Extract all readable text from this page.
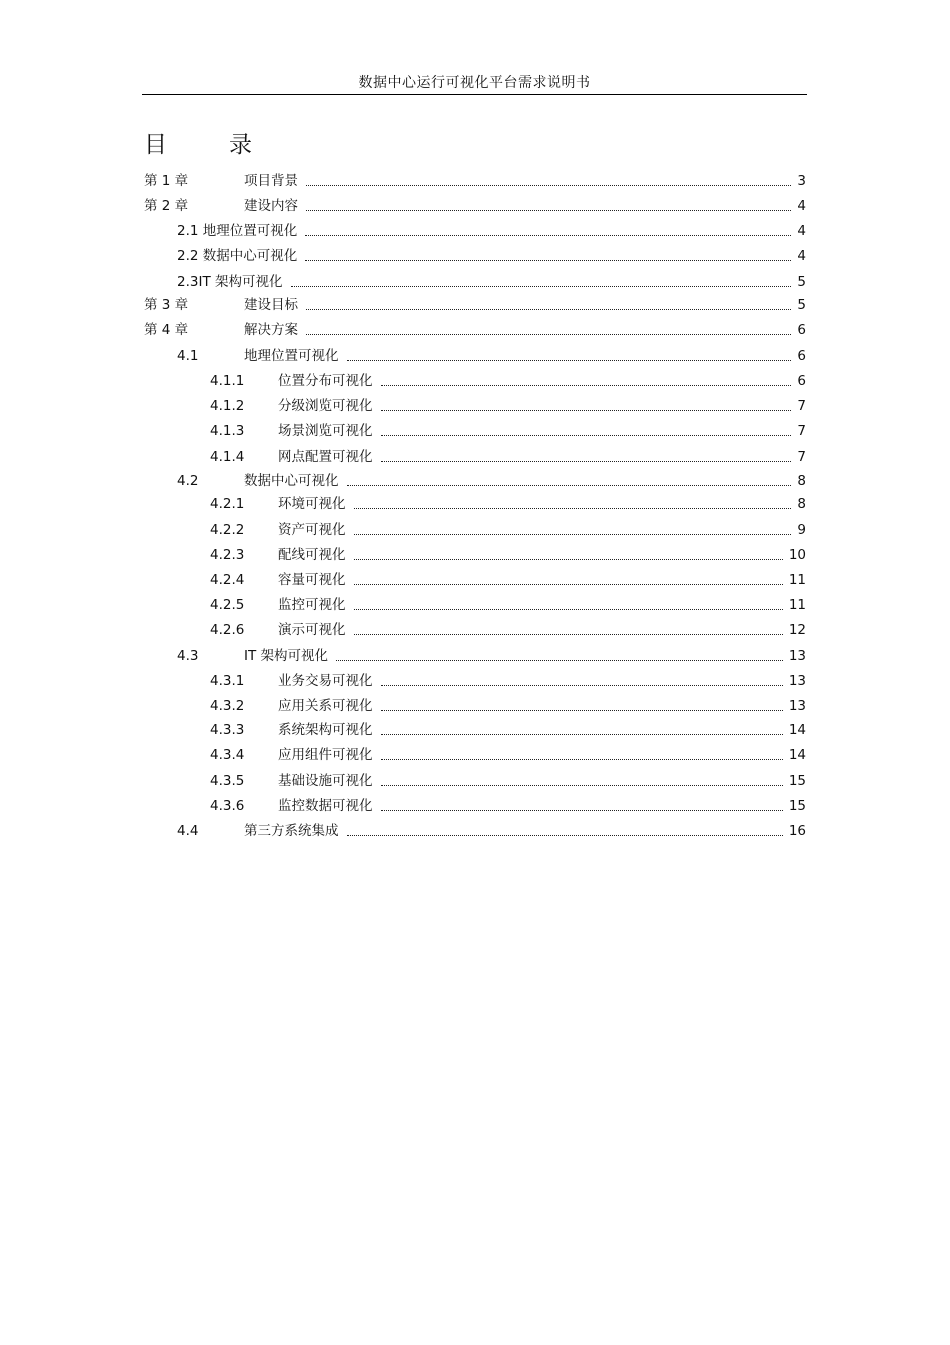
数据中心运行可视化平台需求说明书
目	录
第 1 章	项目背景	3
第 2 章	建设内容	4
2.1 地理位置可视化	4
2.2 数据中心可视化	4
2.3IT 架构可视化	5
第 3 章	建设目标	5
第 4 章	解决方案	6
4.1	地理位置可视化	6
4.1.1	位置分布可视化	6
4.1.2	分级浏览可视化	7
4.1.3	场景浏览可视化	7
4.1.4	网点配置可视化	7
4.2	数据中心可视化	8
4.2.1	环境可视化	8
4.2.2	资产可视化	9
4.2.3	配线可视化	10
4.2.4	容量可视化	11
4.2.5	监控可视化	11
4.2.6	演示可视化	12
4.3	IT 架构可视化	13
4.3.1	业务交易可视化	13
4.3.2	应用关系可视化	13
4.3.3	系统架构可视化	14
4.3.4	应用组件可视化	14
4.3.5	基础设施可视化	15
4.3.6	监控数据可视化	15
4.4	第三方系统集成	16
